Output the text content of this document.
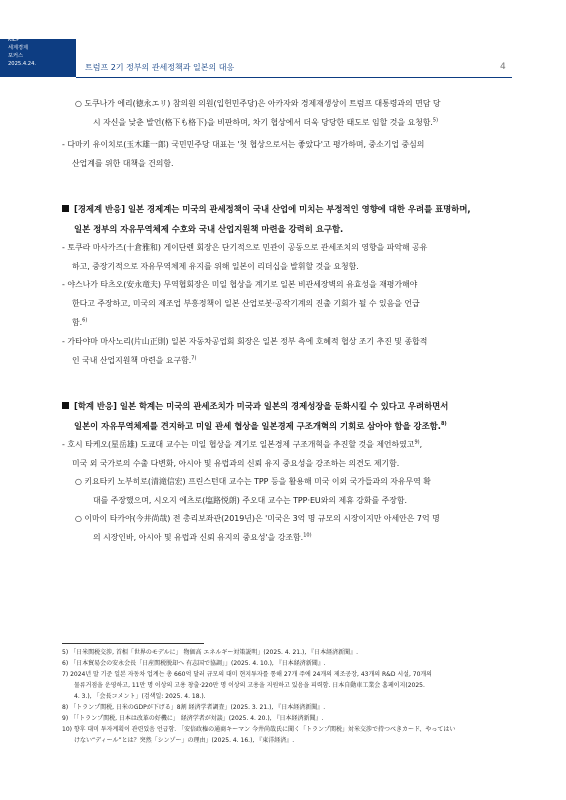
KIEP
세계경제
포커스
2025.4.24.	트럼프 2기 정부의 관세정책과 일본의 대응	4
○ 도쿠나가 에리(徳永エリ) 참의원 의원(입헌민주당)은 아카자와 경제재생상이 트럼프 대통령과의 면담 당
시 자신을 낮춘 발언(格下も格下)을 비판하며, 차기 협상에서 더욱 당당한 태도로 임할 것을 요청함.$^{5)}$
- 다마키 유이치로(玉木雄一郎) 국민민주당 대표는 '첫 협상으로서는 좋았다'고 평가하며, 중소기업 중심의
산업계를 위한 대책을 건의함.
[경제계 반응] 일본 경제계는 미국의 관세정책이 국내 산업에 미치는 부정적인 영향에 대한 우려를 표명하며,
일본 정부의 자유무역체제 수호와 국내 산업지원책 마련을 강력히 요구함.
- 토쿠라 마사카즈(十倉雅和) 게이단렌 회장은 단기적으로 민관이 공동으로 관세조치의 영향을 파악해 공유
하고, 중장기적으로 자유무역체제 유지를 위해 일본이 리더십을 발휘할 것을 요청함.
- 야스나가 타츠오(安永竜夫) 무역협회장은 미일 협상을 계기로 일본 비관세장벽의 유효성을 재평가해야
한다고 주장하고, 미국의 제조업 부흥정책이 일본 산업로봇·공작기계의 진출 기회가 될 수 있음을 언급
함.$^{6)}$
- 가타야마 마사노리(片山正則) 일본 자동차공업회 회장은 일본 정부 측에 호혜적 협상 조기 추진 및 종합적
인 국내 산업지원책 마련을 요구함.$^{7)}$
[학계 반응] 일본 학계는 미국의 관세조치가 미국과 일본의 경제성장을 둔화시킬 수 있다고 우려하면서
일본이 자유무역체제를 견지하고 미일 관세 협상을 일본경제 구조개혁의 기회로 삼아야 함을 강조함.$^{8)}$
- 호시 타케오(星岳雄) 도쿄대 교수는 미일 협상을 계기로 일본경제 구조개혁을 추진할 것을 제언하였고$^{9)}$,
미국 외 국가로의 수출 다변화, 아시아 및 유럽과의 신뢰 유지 중요성을 강조하는 의견도 제기함.
○ 키요타키 노부히로(清滝信宏) 프린스턴대 교수는 TPP 등을 활용해 미국 이외 국가들과의 자유무역 확
대를 주장했으며, 시오지 에츠로(塩路悦朗) 주오대 교수는 TPP·EU와의 제휴 강화를 주장함.
○ 이마이 타카야(今井尚哉) 전 총리보좌관(2019년)은 '미국은 3억 명 규모의 시장이지만 아세안은 7억 명
의 시장인바, 아시아 및 유럽과 신뢰 유지의 중요성'을 강조함.$^{10)}$
5) 「日米関税交渉, 首相「世界のモデルに」 物価高 エネルギー対策説明」(2025. 4. 21.), 『日本経済新聞』.
6) 「日本貿易会の安永会長「日産関税脱却へ 有志国で協調」」(2025. 4. 10.), 『日本経済新聞』.
7) 2024년 말 기준 일본 자동차 업계는 총 660억 달러 규모의 대미 현지투자를 통해 27개 주에 24개의 제조공장, 43개의 R&D 시설, 70개의
물류거점을 운영하고, 11만 명 이상의 고용 창출·220만 명 이상의 고용을 지원하고 있음을 피력함. 日本自動車工業会 홈페이지(2025.
4. 3.), 「会長コメント」(검색일: 2025. 4. 18.).
8) 「トランプ関税, 日米のGDPが下げる」8割 経済学者調査」(2025. 3. 21.), 『日本経済新聞』.
9) 「「トランプ関税, 日本は改革の好機に」 経済学者が対談」(2025. 4. 20.), 『日本経済新聞』.
10) 향후 대미 투자계획이 관련있음 언급함. 「安倍政権の通商キーマン 今井尚哉氏に聞く「トランプ関税」対米交渉で持つべきカード、やってはい
けない“ディール”とは？突然「シンゾー」の理由」(2025. 4. 16.), 『東洋経済』.
